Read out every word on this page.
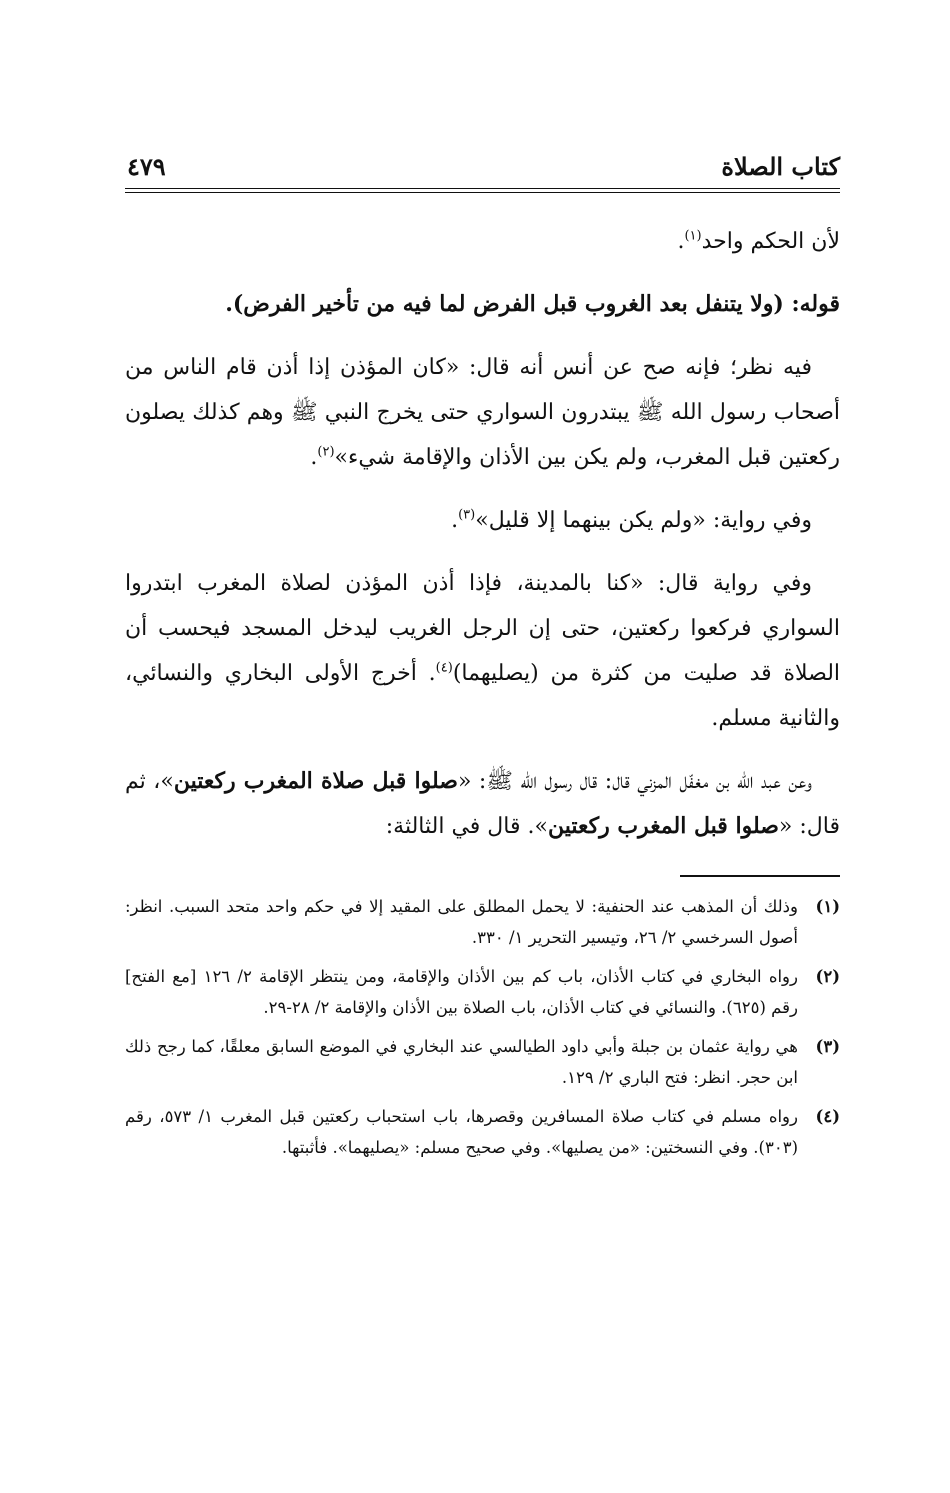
كتاب الصلاة
٤٧٩

لأن الحكم واحد$^{(١)}$.

قوله: (ولا يتنفل بعد الغروب قبل الفرض لما فيه من تأخير الفرض).

فيه نظر؛ فإنه صح عن أنس أنه قال: «كان المؤذن إذا أذن قام الناس من أصحاب رسول الله ﷺ يبتدرون السواري حتى يخرج النبي ﷺ وهم كذلك يصلون ركعتين قبل المغرب، ولم يكن بين الأذان والإقامة شيء»$^{(٢)}$.

وفي رواية: «ولم يكن بينهما إلا قليل»$^{(٣)}$.

وفي رواية قال: «كنا بالمدينة، فإذا أذن المؤذن لصلاة المغرب ابتدروا السواري فركعوا ركعتين، حتى إن الرجل الغريب ليدخل المسجد فيحسب أن الصلاة قد صليت من كثرة من (يصليهما)$^{(٤)}$. أخرج الأولى البخاري والنسائي، والثانية مسلم.

وعن عبد الله بن مغفّل المزني قال: قال رسول الله ﷺ: «صلوا قبل صلاة المغرب ركعتين»، ثم قال: «صلوا قبل المغرب ركعتين». قال في الثالثة:

(١)
وذلك أن المذهب عند الحنفية: لا يحمل المطلق على المقيد إلا في حكم واحد متحد السبب. انظر: أصول السرخسي ٢/ ٢٦، وتيسير التحرير ١/ ٣٣٠.
(٢)
رواه البخاري في كتاب الأذان، باب كم بين الأذان والإقامة، ومن ينتظر الإقامة ٢/ ١٢٦ [مع الفتح] رقم (٦٢٥). والنسائي في كتاب الأذان، باب الصلاة بين الأذان والإقامة ٢/ ٢٨-٢٩.
(٣)
هي رواية عثمان بن جبلة وأبي داود الطيالسي عند البخاري في الموضع السابق معلقًا، كما رجح ذلك ابن حجر. انظر: فتح الباري ٢/ ١٢٩.
(٤)
رواه مسلم في كتاب صلاة المسافرين وقصرها، باب استحباب ركعتين قبل المغرب ١/ ٥٧٣، رقم (٣٠٣). وفي النسختين: «من يصليها». وفي صحيح مسلم: «يصليهما». فأثبتها.
